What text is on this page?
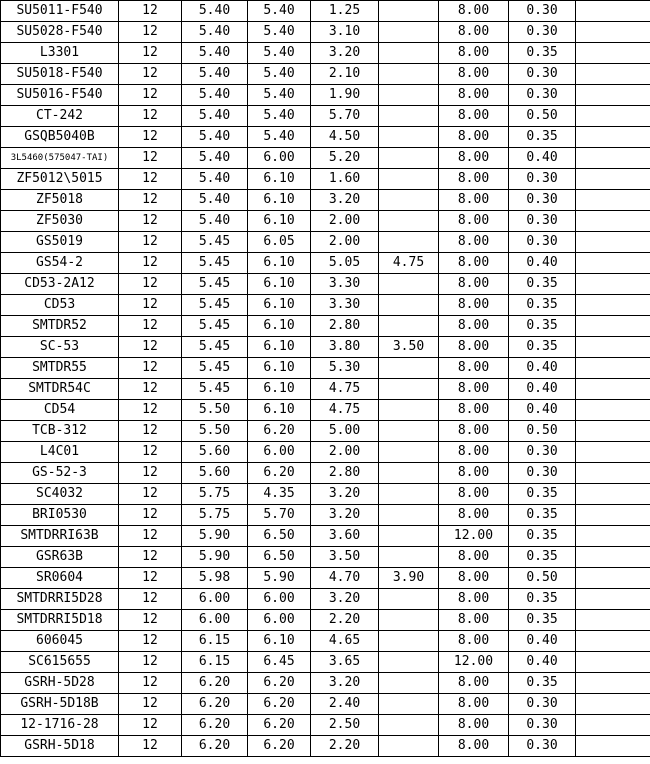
SU5011-F540	12	5.40	5.40	1.25		8.00	0.30	
SU5028-F540	12	5.40	5.40	3.10		8.00	0.30	
L3301	12	5.40	5.40	3.20		8.00	0.35	
SU5018-F540	12	5.40	5.40	2.10		8.00	0.30	
SU5016-F540	12	5.40	5.40	1.90		8.00	0.30	
CT-242	12	5.40	5.40	5.70		8.00	0.50	
GSQB5040B	12	5.40	5.40	4.50		8.00	0.35	
3L5460(575047-TAI)	12	5.40	6.00	5.20		8.00	0.40	
ZF5012\5015	12	5.40	6.10	1.60		8.00	0.30	
ZF5018	12	5.40	6.10	3.20		8.00	0.30	
ZF5030	12	5.40	6.10	2.00		8.00	0.30	
GS5019	12	5.45	6.05	2.00		8.00	0.30	
GS54-2	12	5.45	6.10	5.05	4.75	8.00	0.40	
CD53-2A12	12	5.45	6.10	3.30		8.00	0.35	
CD53	12	5.45	6.10	3.30		8.00	0.35	
SMTDR52	12	5.45	6.10	2.80		8.00	0.35	
SC-53	12	5.45	6.10	3.80	3.50	8.00	0.35	
SMTDR55	12	5.45	6.10	5.30		8.00	0.40	
SMTDR54C	12	5.45	6.10	4.75		8.00	0.40	
CD54	12	5.50	6.10	4.75		8.00	0.40	
TCB-312	12	5.50	6.20	5.00		8.00	0.50	
L4C01	12	5.60	6.00	2.00		8.00	0.30	
GS-52-3	12	5.60	6.20	2.80		8.00	0.30	
SC4032	12	5.75	4.35	3.20		8.00	0.35	
BRI0530	12	5.75	5.70	3.20		8.00	0.35	
SMTDRRI63B	12	5.90	6.50	3.60		12.00	0.35	
GSR63B	12	5.90	6.50	3.50		8.00	0.35	
SR0604	12	5.98	5.90	4.70	3.90	8.00	0.50	
SMTDRRI5D28	12	6.00	6.00	3.20		8.00	0.35	
SMTDRRI5D18	12	6.00	6.00	2.20		8.00	0.35	
606045	12	6.15	6.10	4.65		8.00	0.40	
SC615655	12	6.15	6.45	3.65		12.00	0.40	
GSRH-5D28	12	6.20	6.20	3.20		8.00	0.35	
GSRH-5D18B	12	6.20	6.20	2.40		8.00	0.30	
12-1716-28	12	6.20	6.20	2.50		8.00	0.30	
GSRH-5D18	12	6.20	6.20	2.20		8.00	0.30	
